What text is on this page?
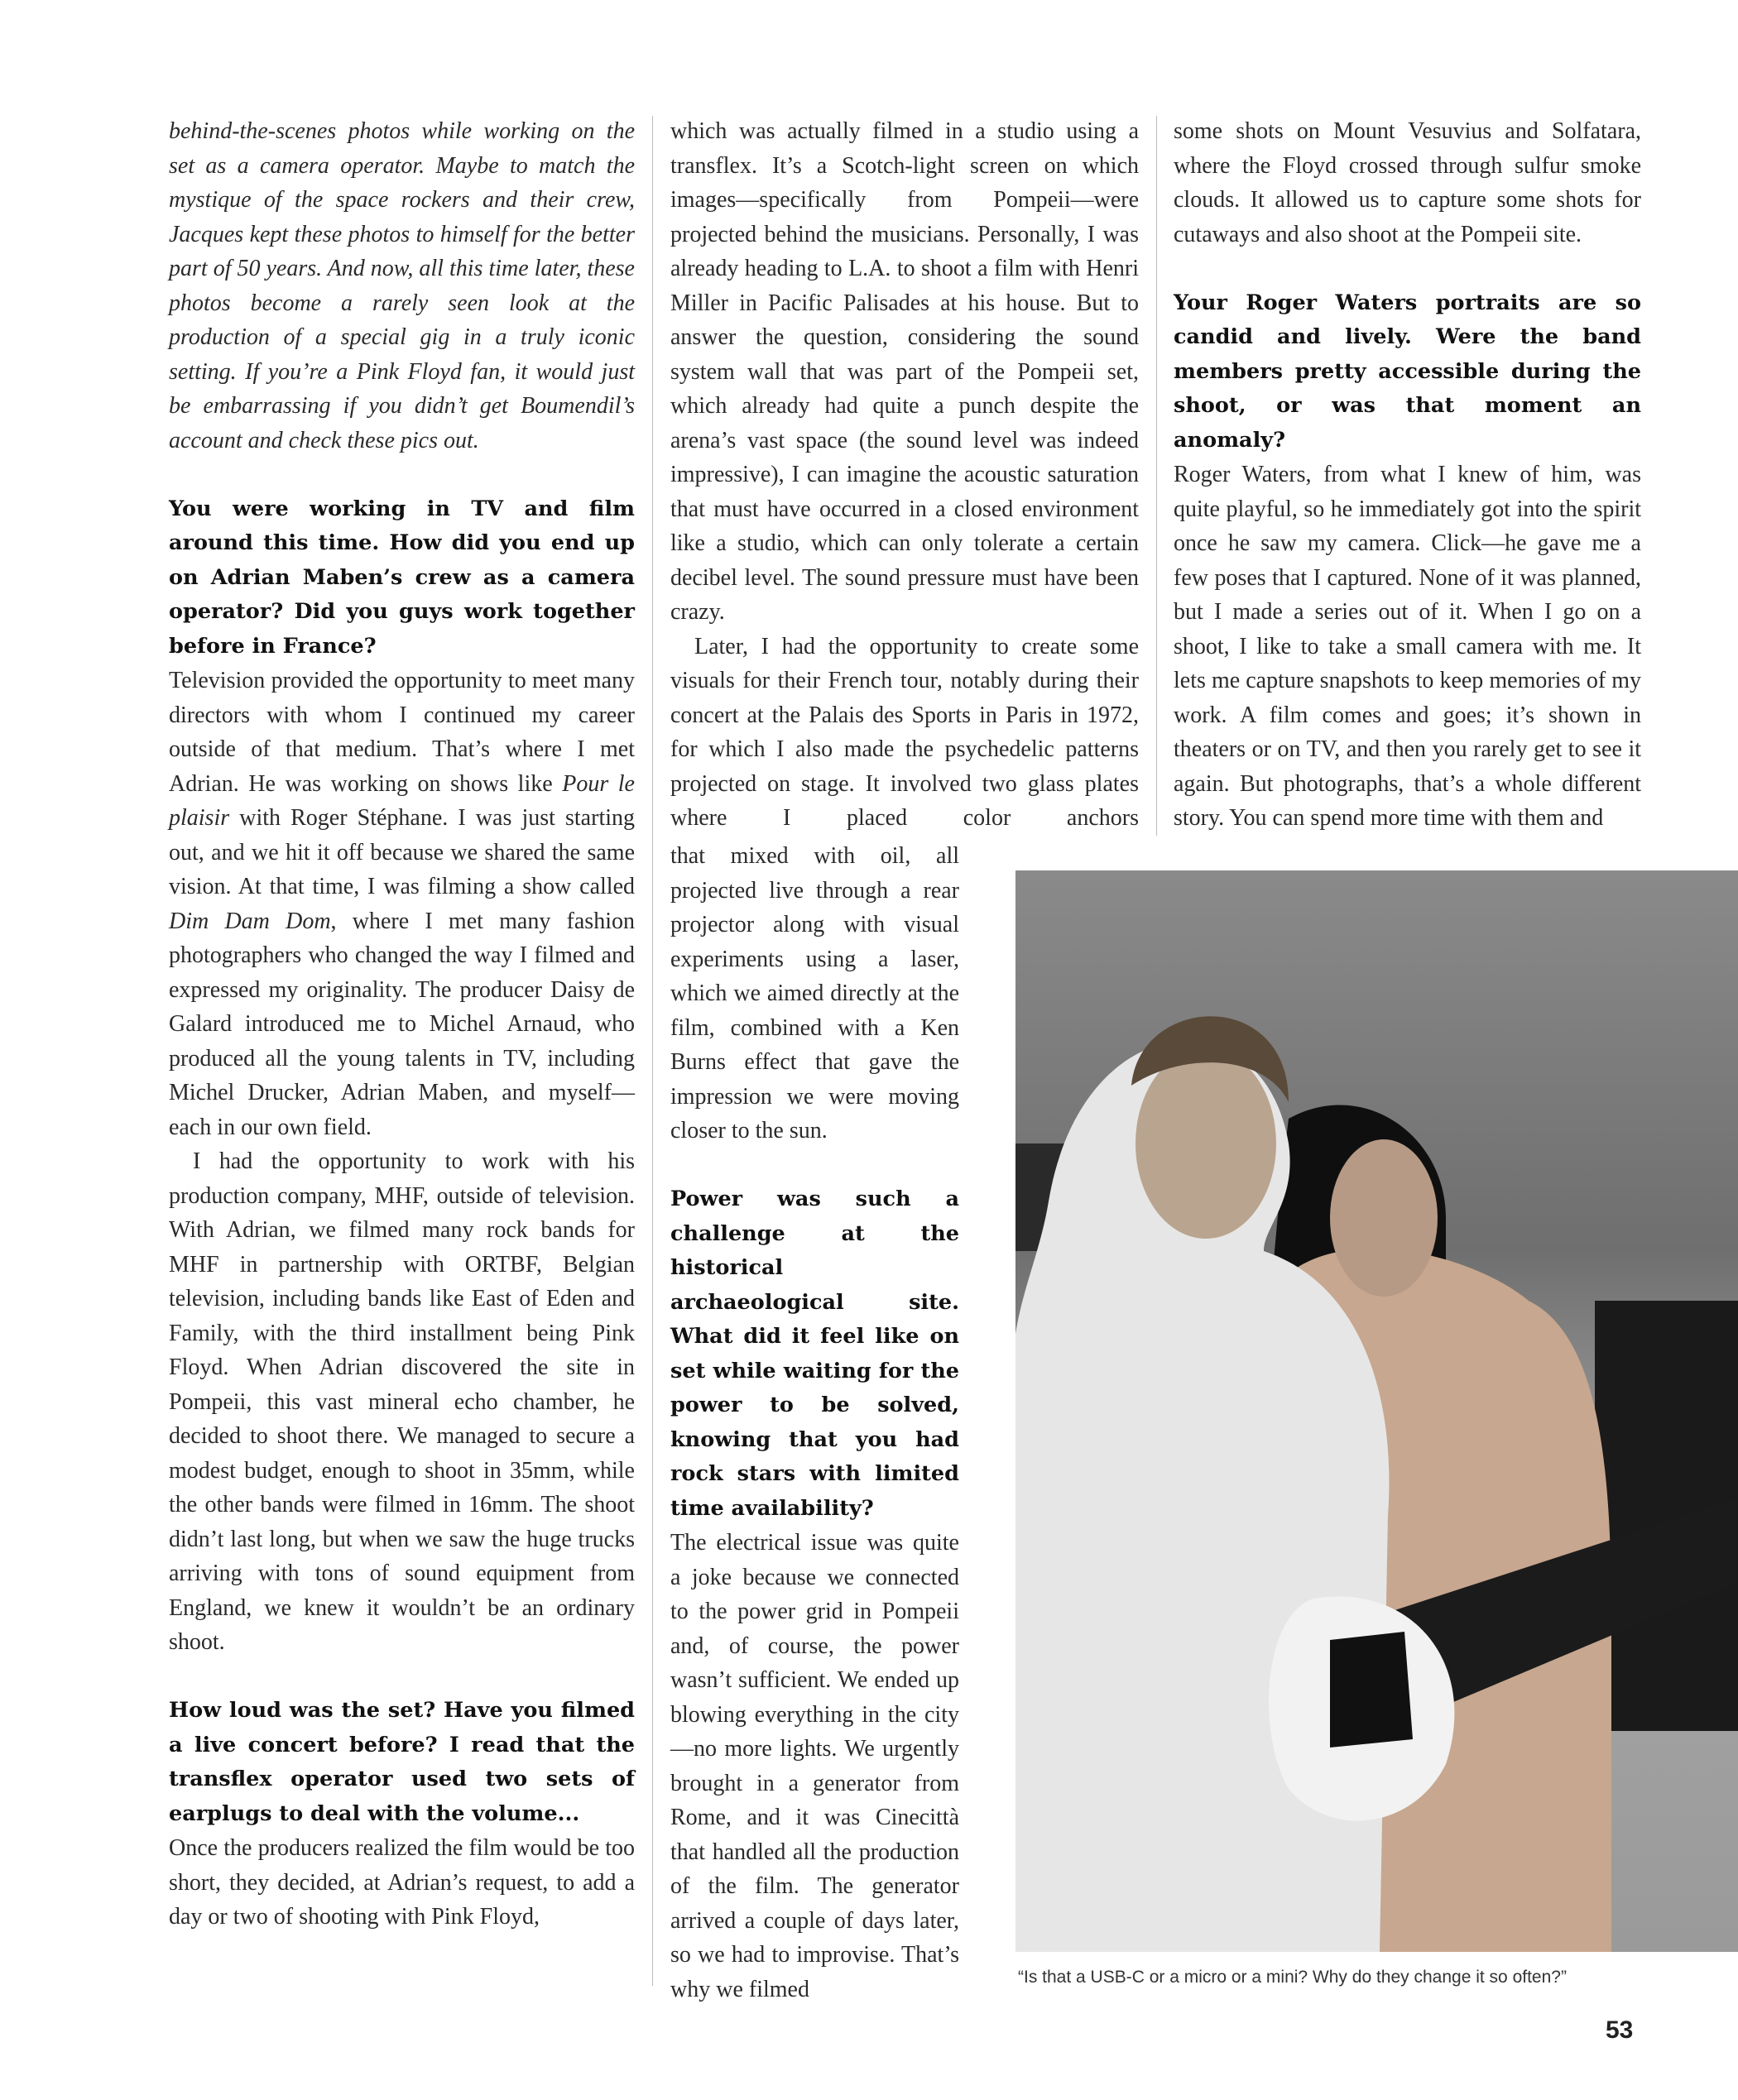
behind-the-scenes photos while working on the set as a camera operator. Maybe to match the mystique of the space rockers and their crew, Jacques kept these photos to himself for the better part of 50 years. And now, all this time later, these photos become a rarely seen look at the production of a special gig in a truly iconic setting. If you’re a Pink Floyd fan, it would just be embarrassing if you didn’t get Boumendil’s account and check these pics out.

You were working in TV and film around this time. How did you end up on Adrian Maben’s crew as a camera operator? Did you guys work together before in France?

Television provided the opportunity to meet many directors with whom I continued my career outside of that medium. That’s where I met Adrian. He was working on shows like Pour le plaisir with Roger Stéphane. I was just starting out, and we hit it off because we shared the same vision. At that time, I was filming a show called Dim Dam Dom, where I met many fashion photographers who changed the way I filmed and expressed my originality. The producer Daisy de Galard introduced me to Michel Arnaud, who produced all the young talents in TV, including Michel Drucker, Adrian Maben, and myself—each in our own field.

I had the opportunity to work with his production company, MHF, outside of television. With Adrian, we filmed many rock bands for MHF in partnership with ORTBF, Belgian television, including bands like East of Eden and Family, with the third installment being Pink Floyd. When Adrian discovered the site in Pompeii, this vast mineral echo chamber, he decided to shoot there. We managed to secure a modest budget, enough to shoot in 35mm, while the other bands were filmed in 16mm. The shoot didn’t last long, but when we saw the huge trucks arriving with tons of sound equipment from England, we knew it wouldn’t be an ordinary shoot.

How loud was the set? Have you filmed a live concert before? I read that the transflex operator used two sets of earplugs to deal with the volume...

Once the producers realized the film would be too short, they decided, at Adrian’s request, to add a day or two of shooting with Pink Floyd,

which was actually filmed in a studio using a transflex. It’s a Scotch-light screen on which images—specifically from Pompeii—were projected behind the musicians. Personally, I was already heading to L.A. to shoot a film with Henri Miller in Pacific Palisades at his house. But to answer the question, considering the sound system wall that was part of the Pompeii set, which already had quite a punch despite the arena’s vast space (the sound level was indeed impressive), I can imagine the acoustic saturation that must have occurred in a closed environment like a studio, which can only tolerate a certain decibel level. The sound pressure must have been crazy.

Later, I had the opportunity to create some visuals for their French tour, notably during their concert at the Palais des Sports in Paris in 1972, for which I also made the psychedelic patterns projected on stage. It involved two glass plates where I placed color anchors

that mixed with oil, all projected live through a rear projector along with visual experiments using a laser, which we aimed directly at the film, combined with a Ken Burns effect that gave the impression we were moving closer to the sun.

Power was such a challenge at the historical archaeological site. What did it feel like on set while waiting for the power to be solved, knowing that you had rock stars with limited time availability?

The electrical issue was quite a joke because we connected to the power grid in Pompeii and, of course, the power wasn’t sufficient. We ended up blowing everything in the city—no more lights. We urgently brought in a generator from Rome, and it was Cinecittà that handled all the production of the film. The generator arrived a couple of days later, so we had to improvise. That’s why we filmed

some shots on Mount Vesuvius and Solfatara, where the Floyd crossed through sulfur smoke clouds. It allowed us to capture some shots for cutaways and also shoot at the Pompeii site.

Your Roger Waters portraits are so candid and lively. Were the band members pretty accessible during the shoot, or was that moment an anomaly?

Roger Waters, from what I knew of him, was quite playful, so he immediately got into the spirit once he saw my camera. Click—he gave me a few poses that I captured. None of it was planned, but I made a series out of it. When I go on a shoot, I like to take a small camera with me. It lets me capture snapshots to keep memories of my work. A film comes and goes; it’s shown in theaters or on TV, and then you rarely get to see it again. But photographs, that’s a whole different story. You can spend more time with them and

“Is that a USB-C or a micro or a mini? Why do they change it so often?”
53
